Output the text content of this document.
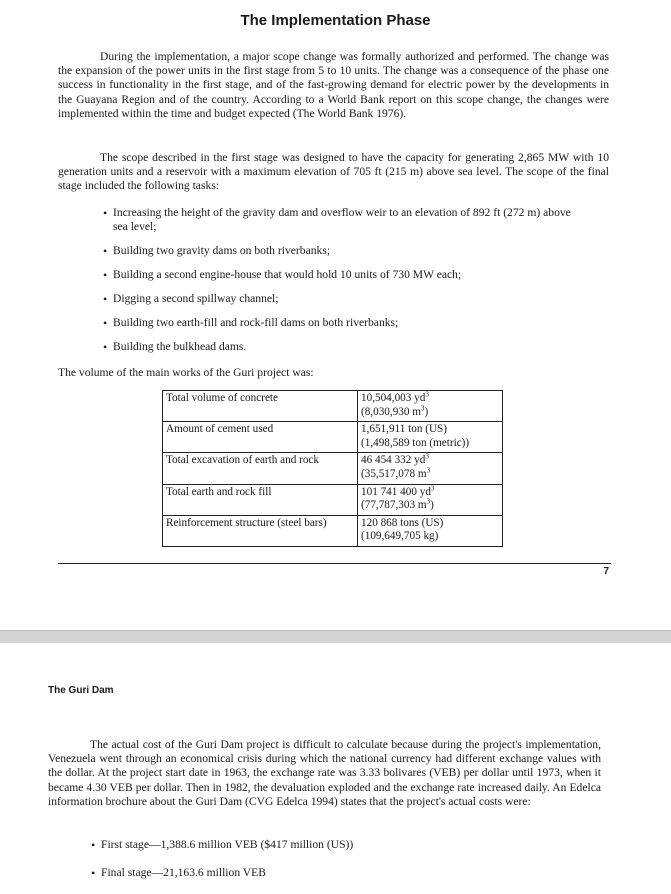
The Implementation Phase

During the implementation, a major scope change was formally authorized and performed. The change was the expansion of the power units in the first stage from 5 to 10 units. The change was a consequence of the phase one success in functionality in the first stage, and of the fast-growing demand for electric power by the developments in the Guayana Region and of the country. According to a World Bank report on this scope change, the changes were implemented within the time and budget expected (The World Bank 1976).

The scope described in the first stage was designed to have the capacity for generating 2,865 MW with 10 generation units and a reservoir with a maximum elevation of 705 ft (215 m) above sea level. The scope of the final stage included the following tasks:

• Increasing the height of the gravity dam and overflow weir to an elevation of 892 ft (272 m) above sea level;
• Building two gravity dams on both riverbanks;
• Building a second engine-house that would hold 10 units of 730 MW each;
• Digging a second spillway channel;
• Building two earth-fill and rock-fill dams on both riverbanks;
• Building the bulkhead dams.
The volume of the main works of the Guri project was:
Total volume of concrete	10,504,003 $yd^3$
(8,030,930 $m^3$)
Amount of cement used	1,651,911 ton (US)
(1,498,589 ton (metric))
Total excavation of earth and rock	46 454 332 $yd^3$
(35,517,078 $m^3$
Total earth and rock fill	101 741 400 $yd^3$
(77,787,303 $m^3$)
Reinforcement structure (steel bars)	120 868 tons (US)
(109,649,705 kg)
7
The Guri Dam

The actual cost of the Guri Dam project is difficult to calculate because during the project's implementation, Venezuela went through an economical crisis during which the national currency had different exchange values with the dollar. At the project start date in 1963, the exchange rate was 3.33 bolivares (VEB) per dollar until 1973, when it became 4.30 VEB per dollar. Then in 1982, the devaluation exploded and the exchange rate increased daily. An Edelca information brochure about the Guri Dam (CVG Edelca 1994) states that the project's actual costs were:

• First stage—1,388.6 million VEB ($417 million (US))
• Final stage—21,163.6 million VEB
